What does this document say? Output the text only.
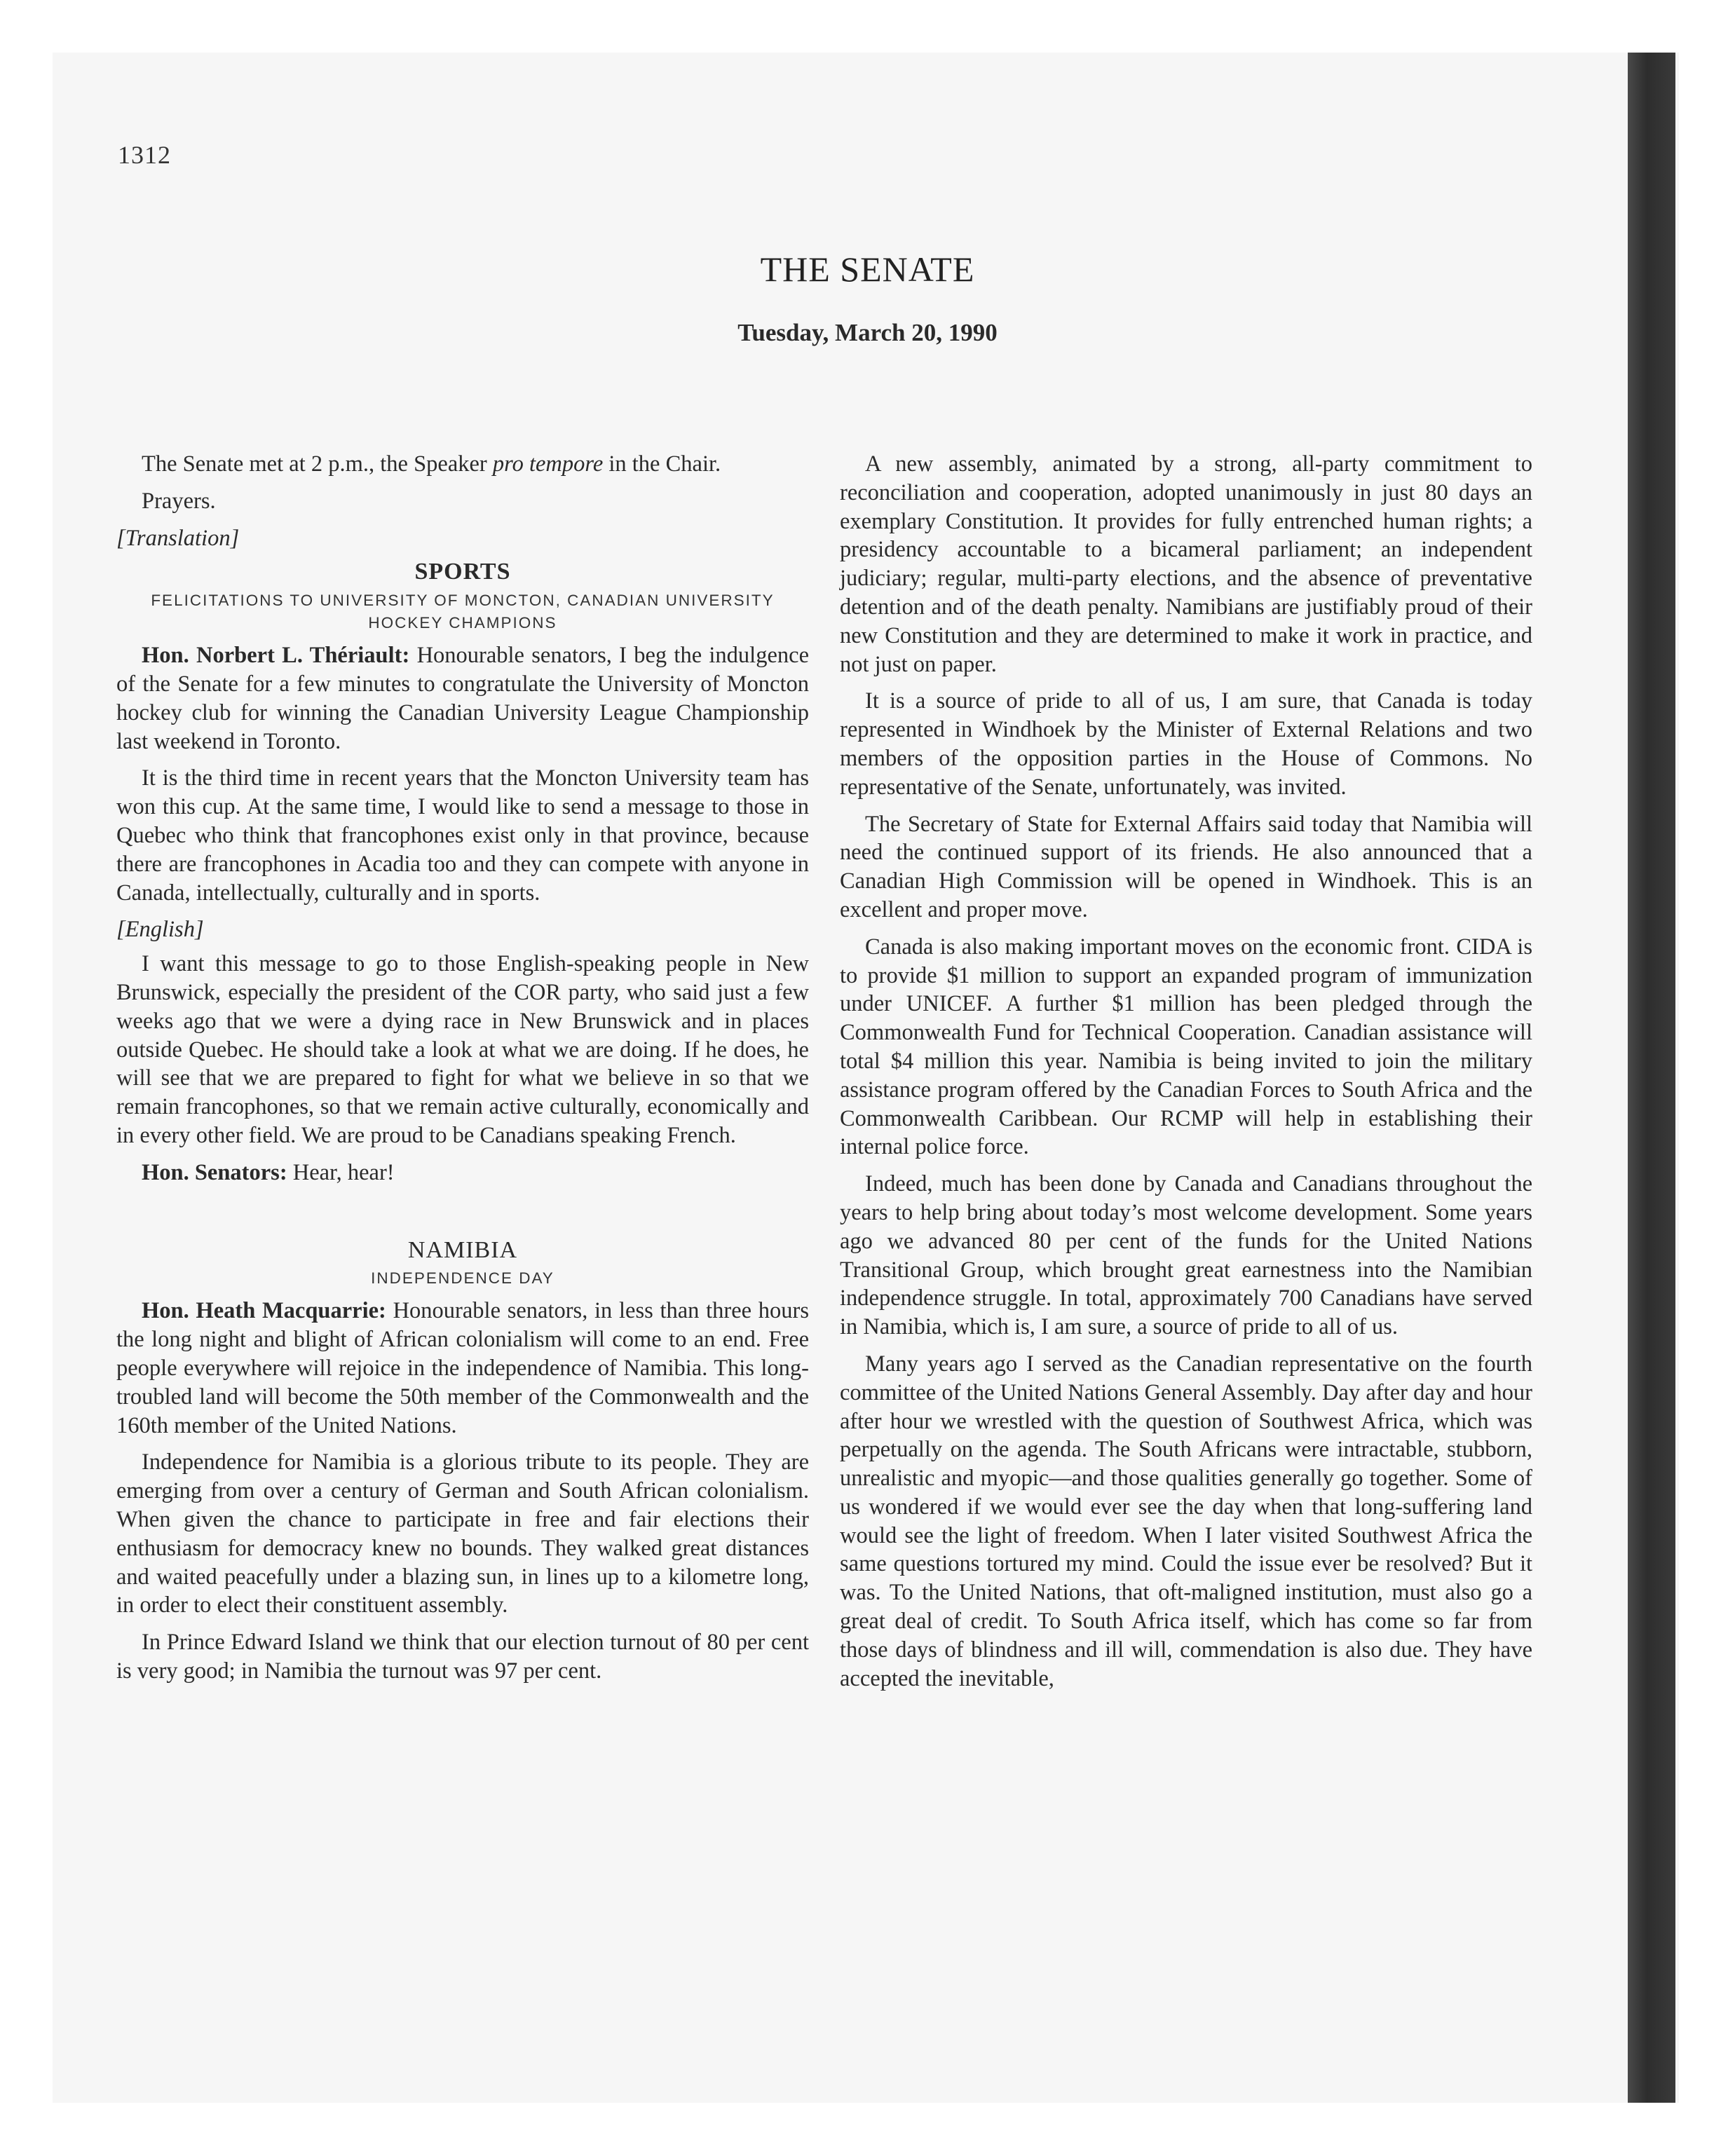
1312
THE SENATE
Tuesday, March 20, 1990

The Senate met at 2 p.m., the Speaker pro tempore in the Chair.

Prayers.

[Translation]
SPORTS
FELICITATIONS TO UNIVERSITY OF MONCTON, CANADIAN UNIVERSITY HOCKEY CHAMPIONS

Hon. Norbert L. Thériault: Honourable senators, I beg the indulgence of the Senate for a few minutes to congratulate the University of Moncton hockey club for winning the Canadian University League Championship last weekend in Toronto.

It is the third time in recent years that the Moncton University team has won this cup. At the same time, I would like to send a message to those in Quebec who think that francophones exist only in that province, because there are francophones in Acadia too and they can compete with anyone in Canada, intellectually, culturally and in sports.

[English]

I want this message to go to those English-speaking people in New Brunswick, especially the president of the COR party, who said just a few weeks ago that we were a dying race in New Brunswick and in places outside Quebec. He should take a look at what we are doing. If he does, he will see that we are prepared to fight for what we believe in so that we remain francophones, so that we remain active culturally, economically and in every other field. We are proud to be Canadians speaking French.

Hon. Senators: Hear, hear!

NAMIBIA
INDEPENDENCE DAY

Hon. Heath Macquarrie: Honourable senators, in less than three hours the long night and blight of African colonialism will come to an end. Free people everywhere will rejoice in the independence of Namibia. This long-troubled land will become the 50th member of the Commonwealth and the 160th member of the United Nations.

Independence for Namibia is a glorious tribute to its people. They are emerging from over a century of German and South African colonialism. When given the chance to participate in free and fair elections their enthusiasm for democracy knew no bounds. They walked great distances and waited peacefully under a blazing sun, in lines up to a kilometre long, in order to elect their constituent assembly.

In Prince Edward Island we think that our election turnout of 80 per cent is very good; in Namibia the turnout was 97 per cent.

A new assembly, animated by a strong, all-party commitment to reconciliation and cooperation, adopted unanimously in just 80 days an exemplary Constitution. It provides for fully entrenched human rights; a presidency accountable to a bicameral parliament; an independent judiciary; regular, multi-party elections, and the absence of preventative detention and of the death penalty. Namibians are justifiably proud of their new Constitution and they are determined to make it work in practice, and not just on paper.

It is a source of pride to all of us, I am sure, that Canada is today represented in Windhoek by the Minister of External Relations and two members of the opposition parties in the House of Commons. No representative of the Senate, unfortunately, was invited.

The Secretary of State for External Affairs said today that Namibia will need the continued support of its friends. He also announced that a Canadian High Commission will be opened in Windhoek. This is an excellent and proper move.

Canada is also making important moves on the economic front. CIDA is to provide $1 million to support an expanded program of immunization under UNICEF. A further $1 million has been pledged through the Commonwealth Fund for Technical Cooperation. Canadian assistance will total $4 million this year. Namibia is being invited to join the military assistance program offered by the Canadian Forces to South Africa and the Commonwealth Caribbean. Our RCMP will help in establishing their internal police force.

Indeed, much has been done by Canada and Canadians throughout the years to help bring about today’s most welcome development. Some years ago we advanced 80 per cent of the funds for the United Nations Transitional Group, which brought great earnestness into the Namibian independence struggle. In total, approximately 700 Canadians have served in Namibia, which is, I am sure, a source of pride to all of us.

Many years ago I served as the Canadian representative on the fourth committee of the United Nations General Assembly. Day after day and hour after hour we wrestled with the question of Southwest Africa, which was perpetually on the agenda. The South Africans were intractable, stubborn, unrealistic and myopic—and those qualities generally go together. Some of us wondered if we would ever see the day when that long-suffering land would see the light of freedom. When I later visited Southwest Africa the same questions tortured my mind. Could the issue ever be resolved? But it was. To the United Nations, that oft-maligned institution, must also go a great deal of credit. To South Africa itself, which has come so far from those days of blindness and ill will, commendation is also due. They have accepted the inevitable,
